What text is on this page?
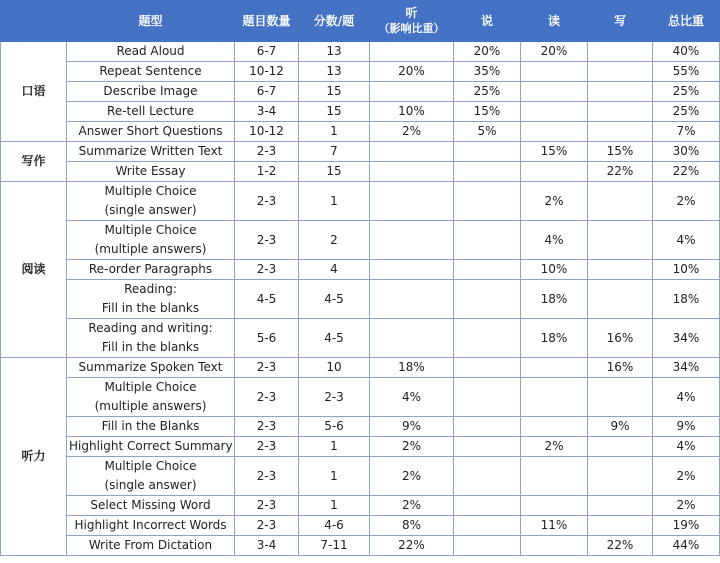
	题型	题目数量	分数/题	听
（影响比重）	说	读	写	总比重
口语	Read Aloud	6-7	13		20%	20%		40%

	Repeat Sentence	10-12	13	20%	35%			55%

	Describe Image	6-7	15		25%			25%

	Re-tell Lecture	3-4	15	10%	15%			25%

	Answer Short Questions	10-12	1	2%	5%			7%
写作	Summarize Written Text	2-3	7			15%	15%	30%

	Write Essay	1-2	15				22%	22%
阅读	Multiple Choice
(single answer)	2-3	1			2%		2%

	Multiple Choice
(multiple answers)	2-3	2			4%		4%

	Re-order Paragraphs	2-3	4			10%		10%

	Reading:
Fill in the blanks	4-5	4-5			18%		18%

	Reading and writing:
Fill in the blanks	5-6	4-5			18%	16%	34%
听力	Summarize Spoken Text	2-3	10	18%			16%	34%

	Multiple Choice
(multiple answers)	2-3	2-3	4%				4%

	Fill in the Blanks	2-3	5-6	9%			9%	9%

	Highlight Correct Summary	2-3	1	2%		2%		4%

	Multiple Choice
(single answer)	2-3	1	2%				2%

	Select Missing Word	2-3	1	2%				2%

	Highlight Incorrect Words	2-3	4-6	8%		11%		19%

	Write From Dictation	3-4	7-11	22%			22%	44%
